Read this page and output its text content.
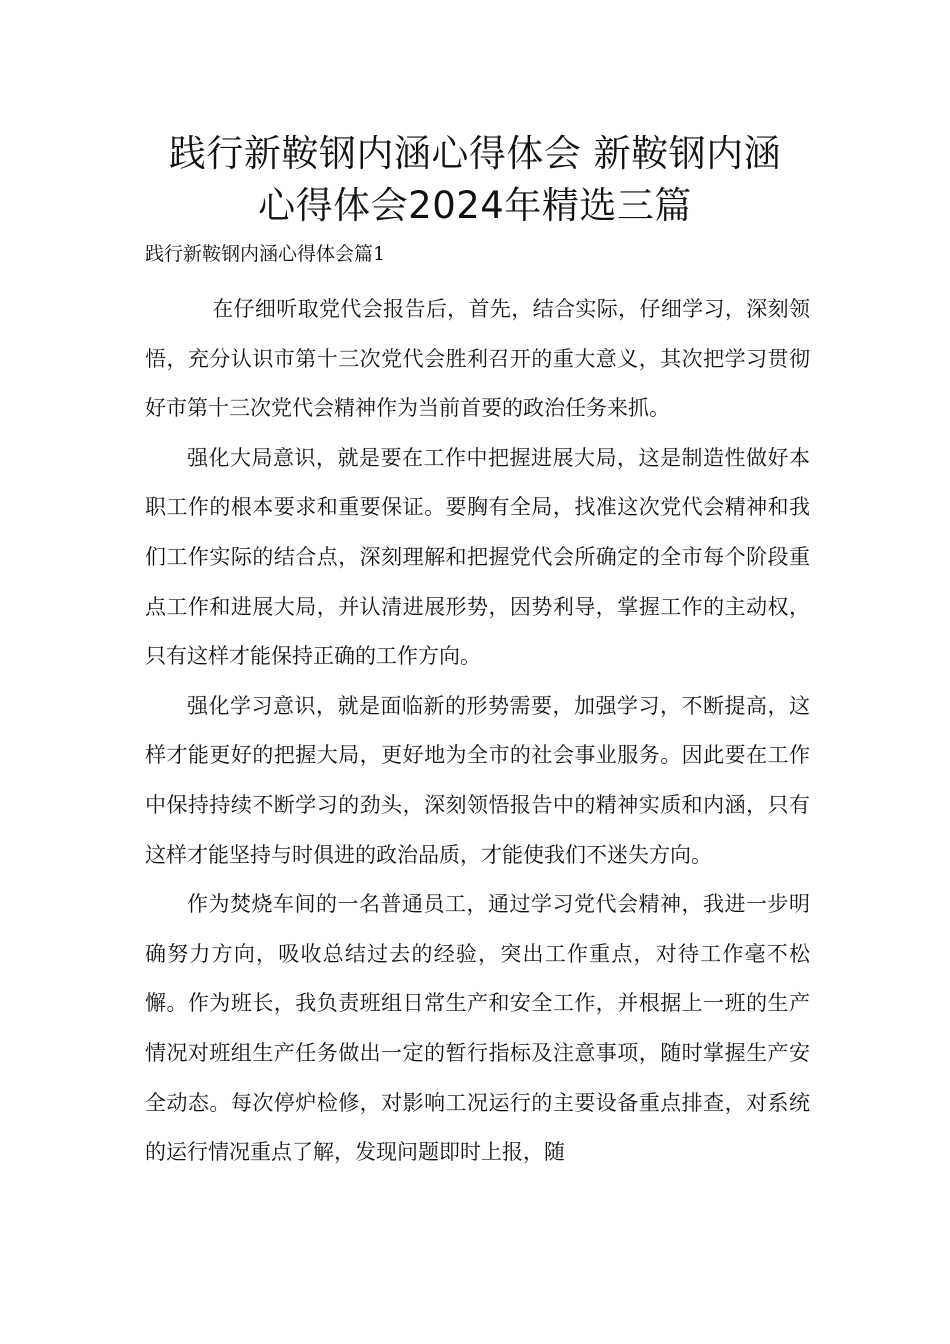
践行新鞍钢内涵心得体会 新鞍钢内涵
心得体会2024年精选三篇

践行新鞍钢内涵心得体会篇1

在仔细听取党代会报告后，首先，结合实际，仔细学习，深刻领悟，充分认识市第十三次党代会胜利召开的重大意义，其次把学习贯彻好市第十三次党代会精神作为当前首要的政治任务来抓。

强化大局意识，就是要在工作中把握进展大局，这是制造性做好本职工作的根本要求和重要保证。要胸有全局，找准这次党代会精神和我们工作实际的结合点，深刻理解和把握党代会所确定的全市每个阶段重点工作和进展大局，并认清进展形势，因势利导，掌握工作的主动权，只有这样才能保持正确的工作方向。

强化学习意识，就是面临新的形势需要，加强学习，不断提高，这样才能更好的把握大局，更好地为全市的社会事业服务。因此要在工作中保持持续不断学习的劲头，深刻领悟报告中的精神实质和内涵，只有这样才能坚持与时俱进的政治品质，才能使我们不迷失方向。

作为焚烧车间的一名普通员工，通过学习党代会精神，我进一步明确努力方向，吸收总结过去的经验，突出工作重点，对待工作毫不松懈。作为班长，我负责班组日常生产和安全工作，并根据上一班的生产情况对班组生产任务做出一定的暂行指标及注意事项，随时掌握生产安全动态。每次停炉检修，对影响工况运行的主要设备重点排查，对系统的运行情况重点了解，发现问题即时上报，随
